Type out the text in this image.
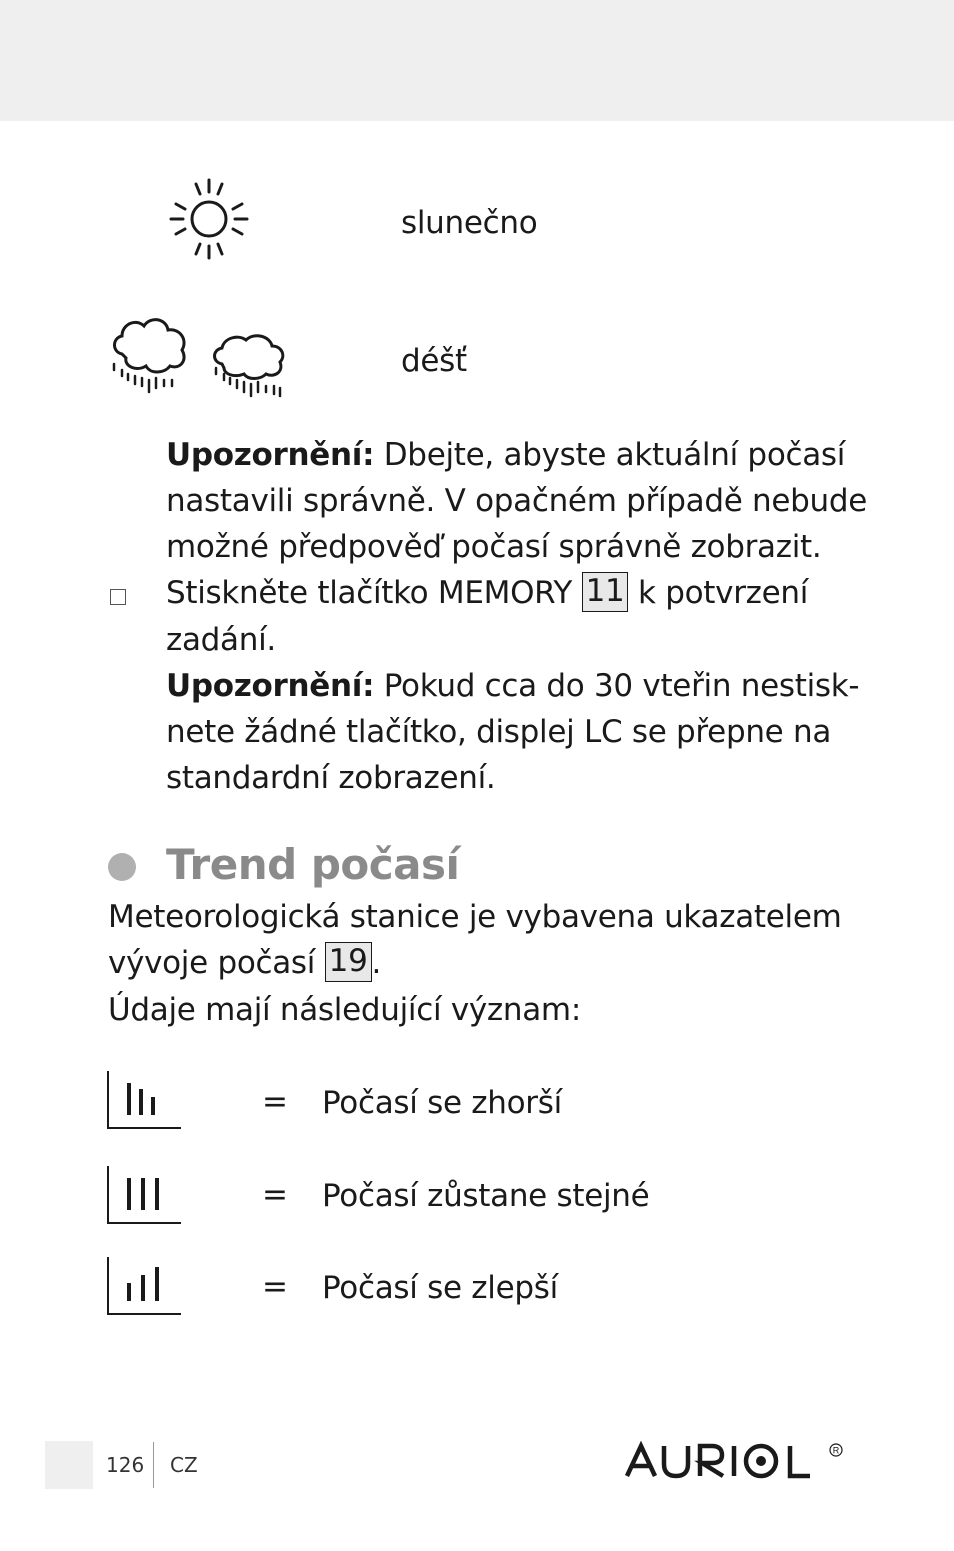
slunečno
déšť
Upozornění: Dbejte, abyste aktuální počasí
nastavili správně. V opačném případě nebude
možné předpověď počasí správně zobrazit.
Stiskněte tlačítko MEMORY 11 k potvrzení
zadání.
Upozornění: Pokud cca do 30 vteřin nestisk-
nete žádné tlačítko, displej LC se přepne na
standardní zobrazení.
Trend počasí
Meteorologická stanice je vybavena ukazatelem
vývoje počasí 19 .
Údaje mají následující význam:
= Počasí se zhorší
= Počasí zůstane stejné
= Počasí se zlepší
126 CZ
R
